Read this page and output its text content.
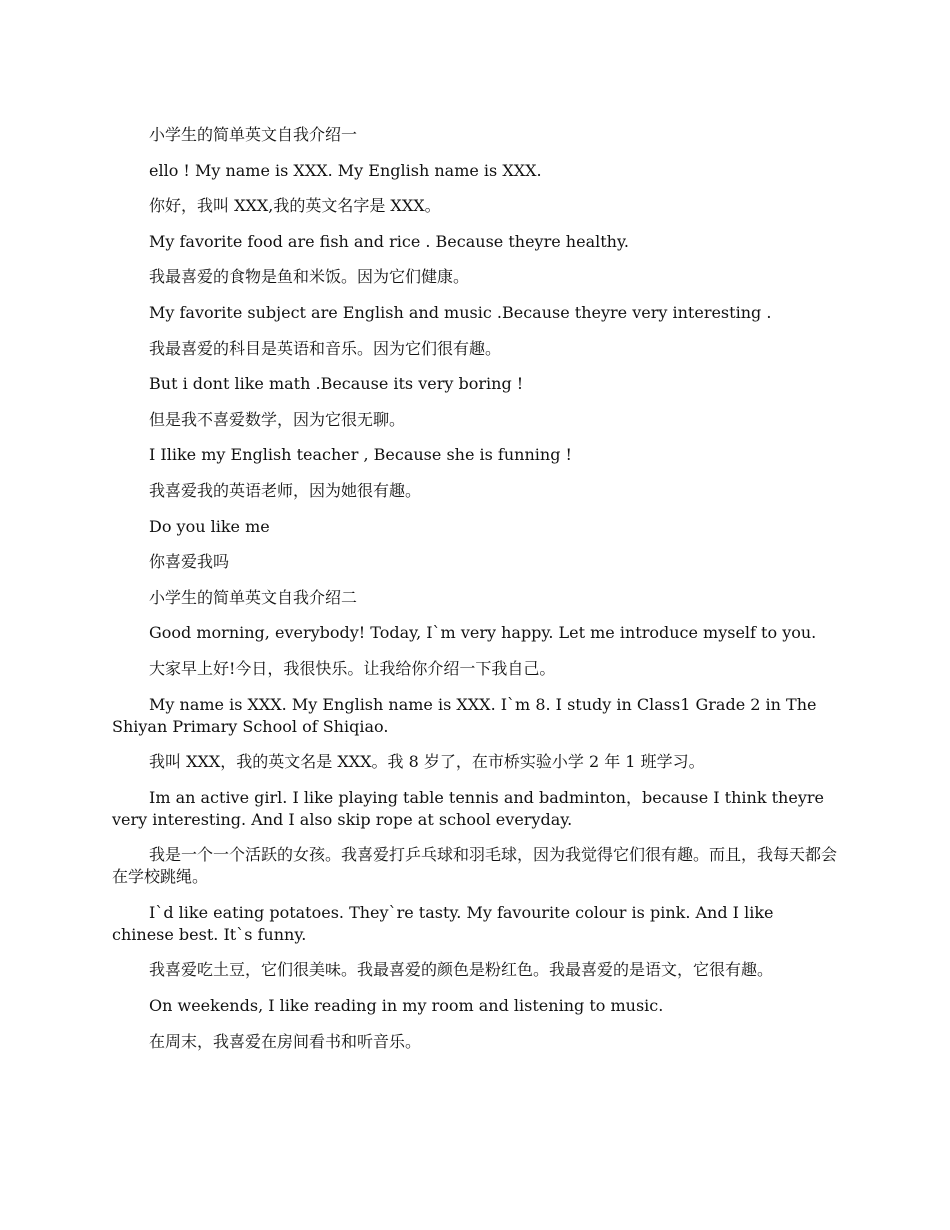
小学生的简单英文自我介绍一

ello ! My name is XXX. My English name is XXX.

你好，我叫 XXX,我的英文名字是 XXX。

My favorite food are fish and rice . Because theyre healthy.

我最喜爱的食物是鱼和米饭。因为它们健康。

My favorite subject are English and music .Because theyre very interesting .

我最喜爱的科目是英语和音乐。因为它们很有趣。

But i dont like math .Because its very boring !

但是我不喜爱数学，因为它很无聊。

I Ilike my English teacher , Because she is funning !

我喜爱我的英语老师，因为她很有趣。

Do you like me

你喜爱我吗

小学生的简单英文自我介绍二

Good morning, everybody! Today, I`m very happy. Let me introduce myself to you.

大家早上好!今日，我很快乐。让我给你介绍一下我自己。

My name is XXX. My English name is XXX. I`m 8. I study in Class1 Grade 2 in The Shiyan Primary School of Shiqiao.

我叫 XXX，我的英文名是 XXX。我 8 岁了，在市桥实验小学 2 年 1 班学习。

Im an active girl. I like playing table tennis and badminton，because I think theyre very interesting. And I also skip rope at school everyday.

我是一个一个活跃的女孩。我喜爱打乒乓球和羽毛球，因为我觉得它们很有趣。而且，我每天都会在学校跳绳。

I`d like eating potatoes. They`re tasty. My favourite colour is pink. And I like chinese best. It`s funny.

我喜爱吃土豆，它们很美味。我最喜爱的颜色是粉红色。我最喜爱的是语文，它很有趣。

On weekends, I like reading in my room and listening to music.

在周末，我喜爱在房间看书和听音乐。
